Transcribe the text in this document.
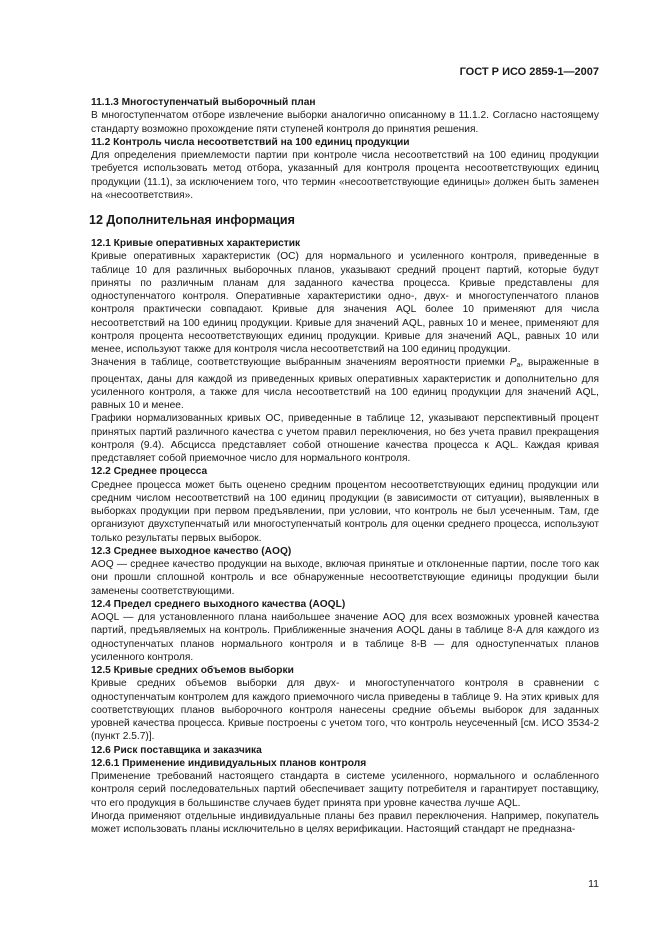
ГОСТ Р ИСО 2859-1—2007
11.1.3 Многоступенчатый выборочный план

В многоступенчатом отборе извлечение выборки аналогично описанному в 11.1.2. Согласно настоящему стандарту возможно прохождение пяти ступеней контроля до принятия решения.

11.2 Контроль числа несоответствий на 100 единиц продукции

Для определения приемлемости партии при контроле числа несоответствий на 100 единиц продукции требуется использовать метод отбора, указанный для контроля процента несоответствующих единиц продукции (11.1), за исключением того, что термин «несоответствующие единицы» должен быть заменен на «несоответствия».

12 Дополнительная информация
12.1 Кривые оперативных характеристик

Кривые оперативных характеристик (ОС) для нормального и усиленного контроля, приведенные в таблице 10 для различных выборочных планов, указывают средний процент партий, которые будут приняты по различным планам для заданного качества процесса. Кривые представлены для одноступенчатого контроля. Оперативные характеристики одно-, двух- и многоступенчатого планов контроля практически совпадают. Кривые для значения AQL более 10 применяют для числа несоответствий на 100 единиц продукции. Кривые для значений AQL, равных 10 и менее, применяют для контроля процента несоответствующих единиц продукции. Кривые для значений AQL, равных 10 или менее, используют также для контроля числа несоответствий на 100 единиц продукции.

Значения в таблице, соответствующие выбранным значениям вероятности приемки Pa, выраженные в процентах, даны для каждой из приведенных кривых оперативных характеристик и дополнительно для усиленного контроля, а также для числа несоответствий на 100 единиц продукции для значений AQL, равных 10 и менее.

Графики нормализованных кривых ОС, приведенные в таблице 12, указывают перспективный процент принятых партий различного качества с учетом правил переключения, но без учета правил прекращения контроля (9.4). Абсцисса представляет собой отношение качества процесса к AQL. Каждая кривая представляет собой приемочное число для нормального контроля.

12.2 Среднее процесса

Среднее процесса может быть оценено средним процентом несоответствующих единиц продукции или средним числом несоответствий на 100 единиц продукции (в зависимости от ситуации), выявленных в выборках продукции при первом предъявлении, при условии, что контроль не был усеченным. Там, где организуют двухступенчатый или многоступенчатый контроль для оценки среднего процесса, используют только результаты первых выборок.

12.3 Среднее выходное качество (AOQ)

AOQ — среднее качество продукции на выходе, включая принятые и отклоненные партии, после того как они прошли сплошной контроль и все обнаруженные несоответствующие единицы продукции были заменены соответствующими.

12.4 Предел среднего выходного качества (AOQL)

AOQL — для установленного плана наибольшее значение AOQ для всех возможных уровней качества партий, предъявляемых на контроль. Приближенные значения AOQL даны в таблице 8-А для каждого из одноступенчатых планов нормального контроля и в таблице 8-В — для одноступенчатых планов усиленного контроля.

12.5 Кривые средних объемов выборки

Кривые средних объемов выборки для двух- и многоступенчатого контроля в сравнении с одноступенчатым контролем для каждого приемочного числа приведены в таблице 9. На этих кривых для соответствующих планов выборочного контроля нанесены средние объемы выборок для заданных уровней качества процесса. Кривые построены с учетом того, что контроль неусеченный [см. ИСО 3534-2 (пункт 2.5.7)].

12.6 Риск поставщика и заказчика
12.6.1 Применение индивидуальных планов контроля

Применение требований настоящего стандарта в системе усиленного, нормального и ослабленного контроля серий последовательных партий обеспечивает защиту потребителя и гарантирует поставщику, что его продукция в большинстве случаев будет принята при уровне качества лучше AQL.

Иногда применяют отдельные индивидуальные планы без правил переключения. Например, покупатель может использовать планы исключительно в целях верификации. Настоящий стандарт не предназна-

11
